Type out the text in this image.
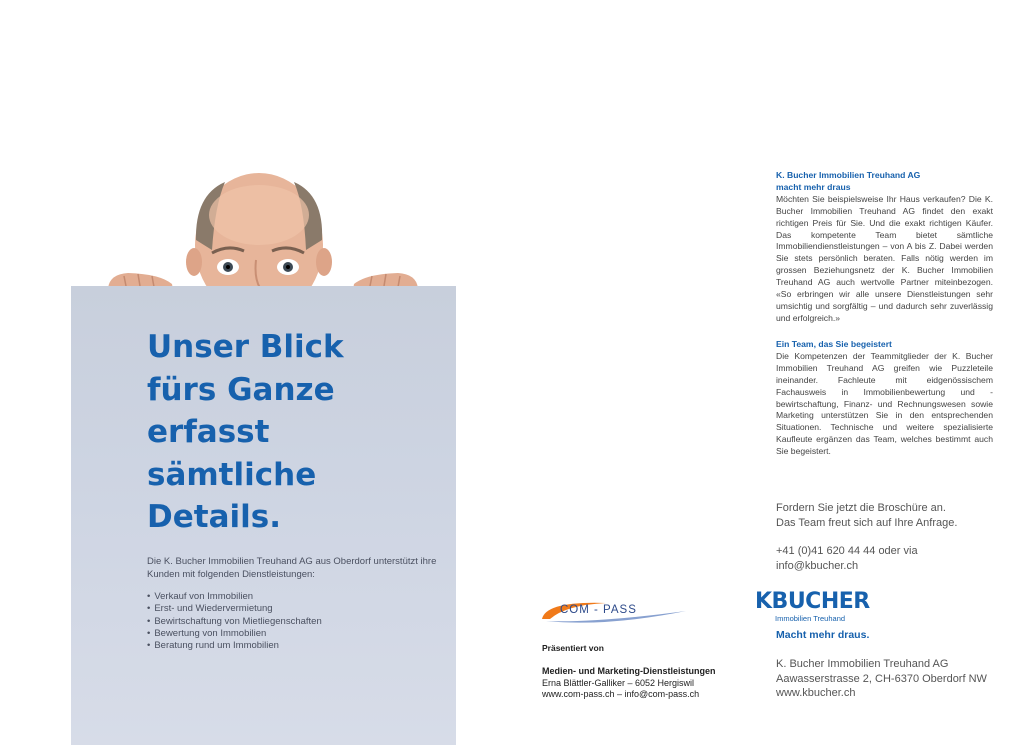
Unser Blick
fürs Ganze
erfasst
sämtliche
Details.

Die K. Bucher Immobilien Treuhand AG aus Oberdorf unterstützt ihre Kunden mit folgenden Dienstleistungen:

• Verkauf von Immobilien
• Erst- und Wiedervermietung
• Bewirtschaftung von Mietliegenschaften
• Bewertung von Immobilien
• Beratung rund um Immobilien

K. Bucher Immobilien Treuhand AG
macht mehr draus

Möchten Sie beispielsweise Ihr Haus verkaufen? Die K. Bucher Immobilien Treuhand AG findet den exakt richtigen Preis für Sie. Und die exakt richtigen Käufer. Das kompetente Team bietet sämtliche Immobiliendienstleistungen – von A bis Z. Dabei werden Sie stets persönlich beraten. Falls nötig werden im grossen Beziehungsnetz der K. Bucher Immobilien Treuhand AG auch wertvolle Partner miteinbezogen. «So erbringen wir alle unsere Dienstleistungen sehr umsichtig und sorgfältig – und dadurch sehr zuverlässig und erfolgreich.»

Ein Team, das Sie begeistert

Die Kompetenzen der Teammitglieder der K. Bucher Immobilien Treuhand AG greifen wie Puzzleteile ineinander. Fachleute mit eidgenössischem Fachausweis in Immobilienbewertung und -bewirtschaftung, Finanz- und Rechnungswesen sowie Marketing unterstützen Sie in den entsprechenden Situationen. Technische und weitere spezialisierte Kaufleute ergänzen das Team, welches bestimmt auch Sie begeistert.

Fordern Sie jetzt die Broschüre an.
Das Team freut sich auf Ihre Anfrage.
+41 (0)41 620 44 44 oder via
info@kbucher.ch
KBUCHER
Immobilien Treuhand
Macht mehr draus.
K. Bucher Immobilien Treuhand AG
Aawasserstrasse 2, CH-6370 Oberdorf NW
www.kbucher.ch
COM - PASS
Präsentiert von
Medien- und Marketing-Dienstleistungen
Erna Blättler-Galliker – 6052 Hergiswil
www.com-pass.ch – info@com-pass.ch
